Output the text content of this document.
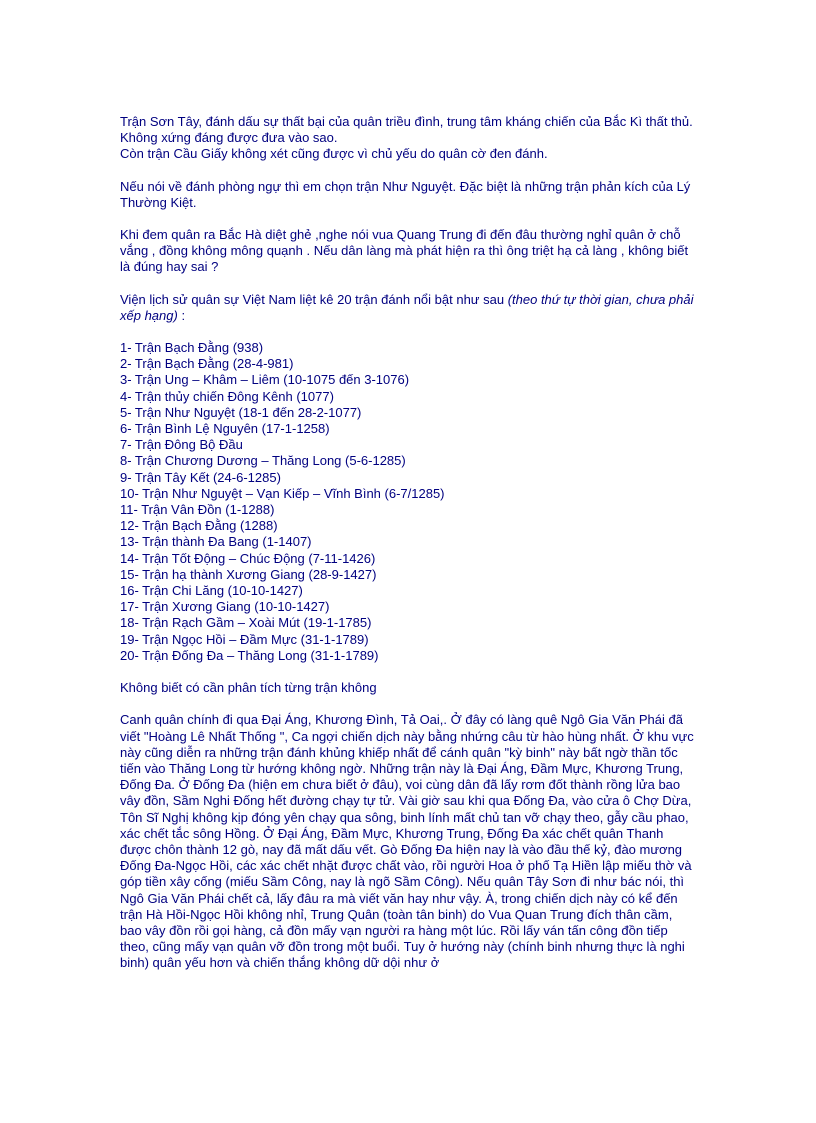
Trận Sơn Tây, đánh dấu sự thất bại của quân triều đình, trung tâm kháng chiến của Bắc Kì thất thủ. Không xứng đáng được đưa vào sao.

Còn trận Cầu Giấy không xét cũng được vì chủ yếu do quân cờ đen đánh.

Nếu nói về đánh phòng ngự thì em chọn trận Như Nguyệt. Đặc biệt là những trận phản kích của Lý Thường Kiệt.

Khi đem quân ra Bắc Hà diệt ghẻ ,nghe nói vua Quang Trung đi đến đâu thường nghỉ quân ở chỗ vắng , đồng không mông quạnh . Nếu dân làng mà phát hiện ra thì ông triệt hạ cả làng , không biết là đúng hay sai ?

Viện lịch sử quân sự Việt Nam liệt kê 20 trận đánh nổi bật như sau (theo thứ tự thời gian, chưa phải xếp hạng) :

1- Trận Bạch Đằng (938)
2- Trận Bạch Đằng (28-4-981)
3- Trận Ung – Khâm – Liêm (10-1075 đến 3-1076)
4- Trận thủy chiến Đông Kênh (1077)
5- Trận Như Nguyệt (18-1 đến 28-2-1077)
6- Trận Bình Lệ Nguyên (17-1-1258)
7- Trận Đông Bộ Đầu
8- Trận Chương Dương – Thăng Long (5-6-1285)
9- Trận Tây Kết (24-6-1285)
10- Trận Như Nguyệt – Vạn Kiếp – Vĩnh Bình (6-7/1285)
11- Trận Vân Đồn (1-1288)
12- Trận Bạch Đằng (1288)
13- Trận thành Đa Bang (1-1407)
14- Trận Tốt Động – Chúc Động (7-11-1426)
15- Trận hạ thành Xương Giang (28-9-1427)
16- Trận Chi Lăng (10-10-1427)
17- Trận Xương Giang (10-10-1427)
18- Trận Rạch Gầm – Xoài Mút (19-1-1785)
19- Trận Ngọc Hồi – Đầm Mực (31-1-1789)
20- Trận Đống Đa – Thăng Long (31-1-1789)

Không biết có cần phân tích từng trận không

Canh quân chính đi qua Đại Áng, Khương Đình, Tả Oai,. Ở đây có làng quê Ngô Gia Văn Phái đã viết "Hoàng Lê Nhất Thống ", Ca ngợi chiến dịch này bằng nhứng câu từ hào hùng nhất. Ở khu vực này cũng diễn ra những trận đánh khủng khiếp nhất để cánh quân "kỳ binh" này bất ngờ thần tốc tiến vào Thăng Long từ hướng không ngờ. Những trận này là Đại Áng, Đầm Mực, Khương Trung, Đống Đa. Ở Đống Đa (hiện em chưa biết ở đâu), voi cùng dân đã lấy rơm đốt thành rồng lửa bao vây đồn, Sầm Nghi Đống hết đường chạy tự tử. Vài giờ sau khi qua Đống Đa, vào cửa ô Chợ Dừa, Tôn Sĩ Nghị không kịp đóng yên chạy qua sông, binh lính mất chủ tan vỡ chạy theo, gẫy cầu phao, xác chết tắc sông Hồng. Ở Đại Áng, Đầm Mực, Khương Trung, Đống Đa xác chết quân Thanh được chôn thành 12 gò, nay đã mất dấu vết. Gò Đống Đa hiện nay là vào đầu thế kỷ, đào mương Đống Đa-Ngọc Hồi, các xác chết nhặt được chất vào, rồi người Hoa ở phố Tạ Hiền lập miếu thờ và góp tiền xây cống (miếu Sầm Công, nay là ngõ Sầm Công). Nếu quân Tây Sơn đi như bác nói, thì Ngô Gia Văn Phái chết cả, lấy đâu ra mà viết văn hay như vậy. À, trong chiến dịch này có kể đến trận Hà Hồi-Ngọc Hồi không nhỉ, Trung Quân (toàn tân binh) do Vua Quan Trung đích thân cầm, bao vây đồn rồi gọi hàng, cả đồn mấy vạn người ra hàng một lúc. Rồi lấy ván tấn công đồn tiếp theo, cũng mấy vạn quân vỡ đồn trong một buổi. Tuy ở hướng này (chính binh nhưng thực là nghi binh) quân yếu hơn và chiến thắng không dữ dội như ở
